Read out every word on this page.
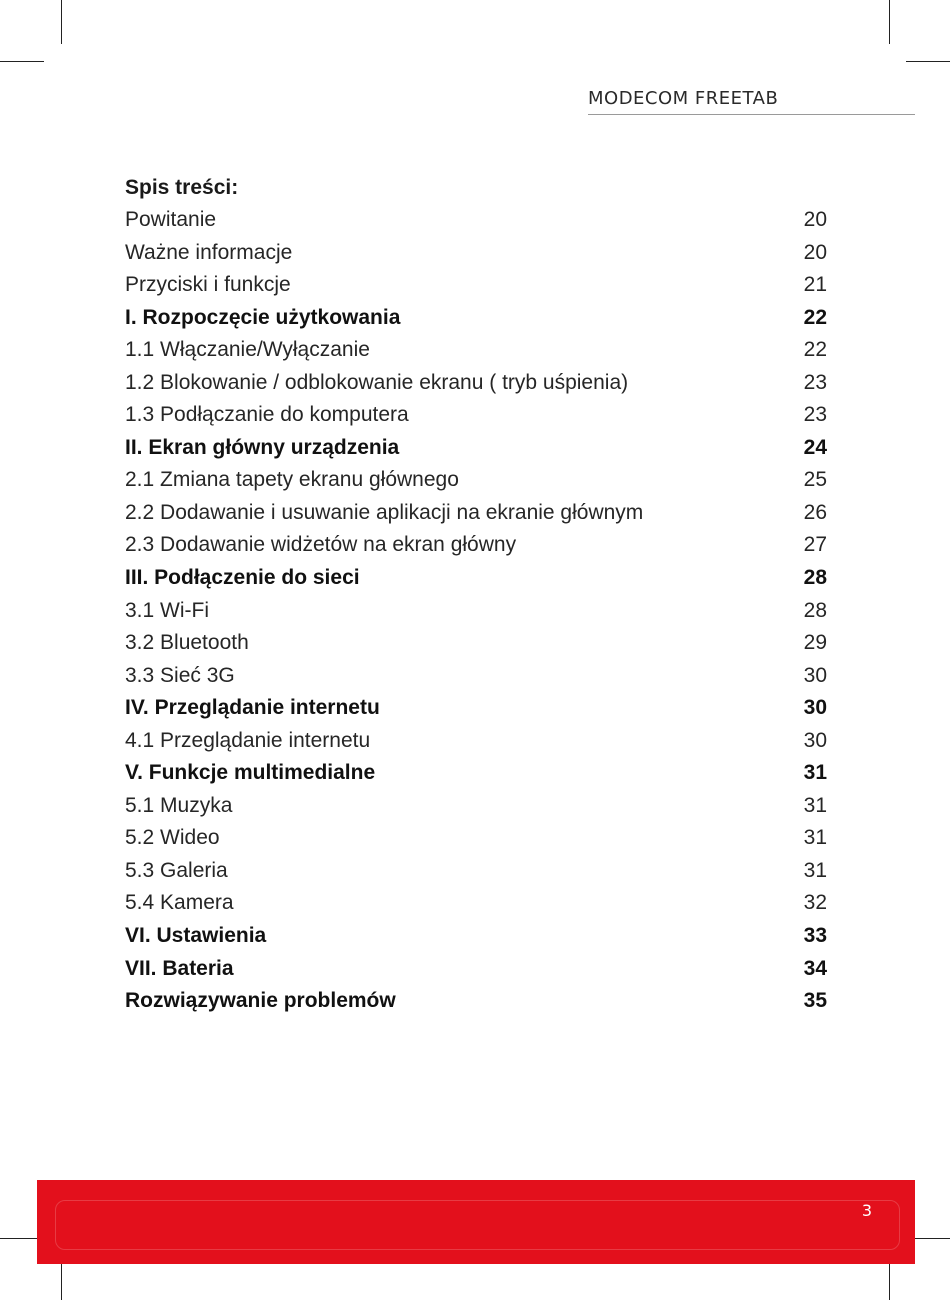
MODECOM FREETAB
Spis treści:
Powitanie	20
Ważne informacje	20
Przyciski i funkcje	21
I. Rozpoczęcie użytkowania	22
1.1 Włączanie/Wyłączanie	22
1.2 Blokowanie / odblokowanie ekranu ( tryb uśpienia)	23
1.3 Podłączanie do komputera	23
II. Ekran główny urządzenia	24
2.1 Zmiana tapety ekranu głównego	25
2.2 Dodawanie i usuwanie aplikacji na ekranie głównym	26
2.3 Dodawanie widżetów na ekran główny	27
III. Podłączenie do sieci	28
3.1 Wi-Fi	28
3.2 Bluetooth	29
3.3 Sieć 3G	30
IV. Przeglądanie internetu	30
4.1 Przeglądanie internetu	30
V. Funkcje multimedialne	31
5.1 Muzyka	31
5.2 Wideo	31
5.3 Galeria	31
5.4 Kamera	32
VI. Ustawienia	33
VII. Bateria	34
Rozwiązywanie problemów	35
3
